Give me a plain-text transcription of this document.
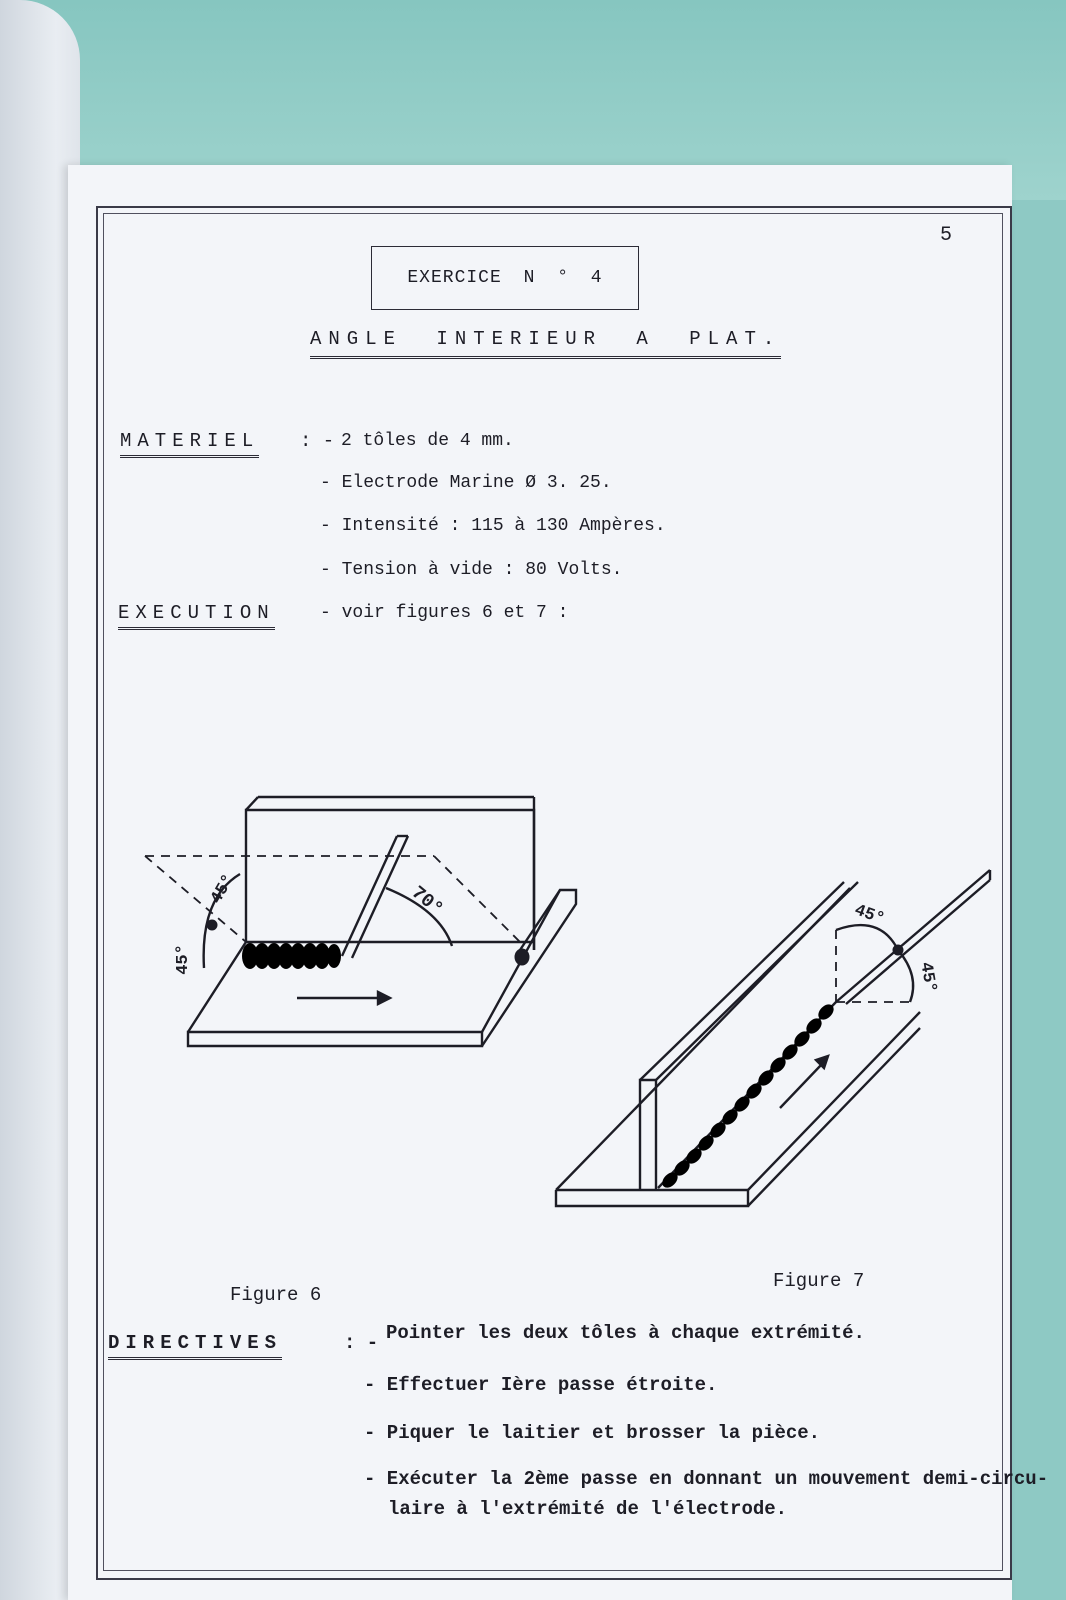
5
EXERCICE N ° 4
ANGLE INTERIEUR A PLAT.
MATERIEL : - 2 tôles de 4 mm.
- Electrode Marine Ø 3. 25.
- Intensité : 115 à 130 Ampères.
- Tension à vide : 80 Volts.
EXECUTION	- voir figures 6 et 7 :
45°
45°
70°
Figure 6
45°
45°
Figure 7
DIRECTIVES	: - Pointer les deux tôles à chaque extrémité.
- Effectuer Ière passe étroite.
- Piquer le laitier et brosser la pièce.
- Exécuter la 2ème passe en donnant un mouvement demi-circu-
laire à l'extrémité de l'électrode.
